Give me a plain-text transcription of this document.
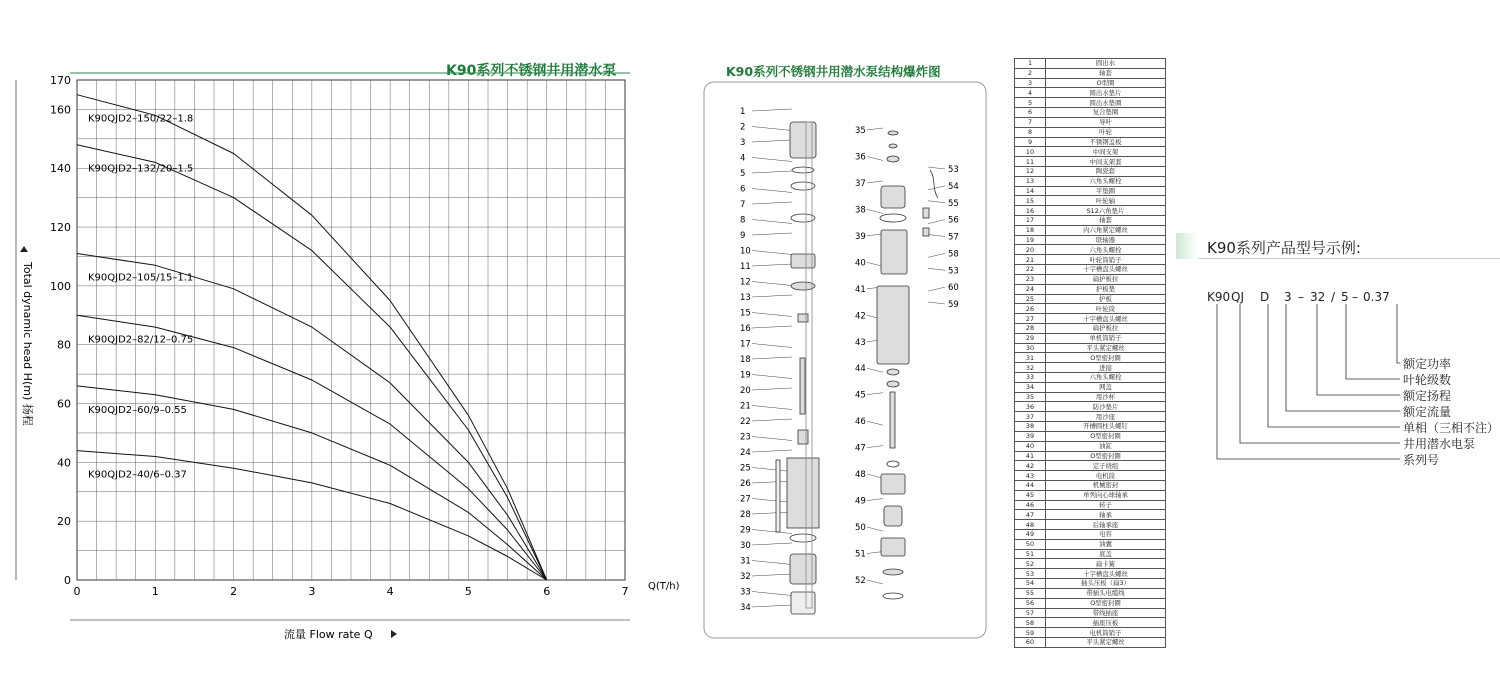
K90系列不锈钢井用潜水泵	K90系列不锈钢井用潜水泵结构爆炸图
0	1	2	3	4	5	6	7
0
20
40
60
80
100
120
140
160
170
K90QJD2–150/22–1.8
K90QJD2–132/20–1.5
K90QJD2–105/15–1.1
K90QJD2–82/12–0.75
K90QJD2–60/9–0.55
K90QJD2–40/6–0.37
Q(T/h)
流量 Flow rate Q
Total dynamic head H(m) 扬程
1
2
3
4
5
6
7
8
9
10
11
12
13
15
16
17
18
19
20
21
22
23
24
25
26
27
28
29
30
31
32
33
34
35
36
37
38
39
40
41
42
43
44
45
46
47
48
49
50
51
52
53
54
55
56
57
58
53
60
59
1	圆出水
2	轴套
3	O型圈
4	圆出水垫片
5	圆出水垫圈
6	复合垫圈
7	导叶
8	叶轮
9	不锈钢盖板
10	中间支架
11	中间支架套
12	陶瓷套
13	六角头螺栓
14	平垫圈
15	叶轮轴
16	S12六角垫片
17	轴套
18	内六角紧定螺丝
19	联轴器
20	六角头螺栓
21	叶轮筒销子
22	十字槽盘头螺丝
23	扁护板拉
24	护板垫
25	护板
26	叶轮筒
27	十字槽盘头螺丝
28	扁护板拉
29	单机筒销子
30	平头紧定螺丝
31	O型密封圈
32	进接
33	六角头螺栓
34	网盖
35	甩沙杯
36	防沙垫片
37	甩沙座
38	开槽圆柱头螺钉
39	O型密封圈
40	油缸
41	O型密封圈
42	定子绕组
43	电机筒
44	机械密封
45	单列向心球轴承
46	转子
47	轴承
48	后轴承座
49	电容
50	油囊
51	底盖
52	扁卡簧
53	十字槽盘头螺丝
54	插头压板（扁3）
55	带插头电缆线
56	O型密封圈
57	带线插座
58	插座压板
59	电机筒销子
60	平头紧定螺丝
K90系列产品型号示例:
K90 QJ D 3 – 32 / 5 – 0.37
额定功率
叶轮级数
额定扬程
额定流量
单相（三相不注）
井用潜水电泵
系列号
